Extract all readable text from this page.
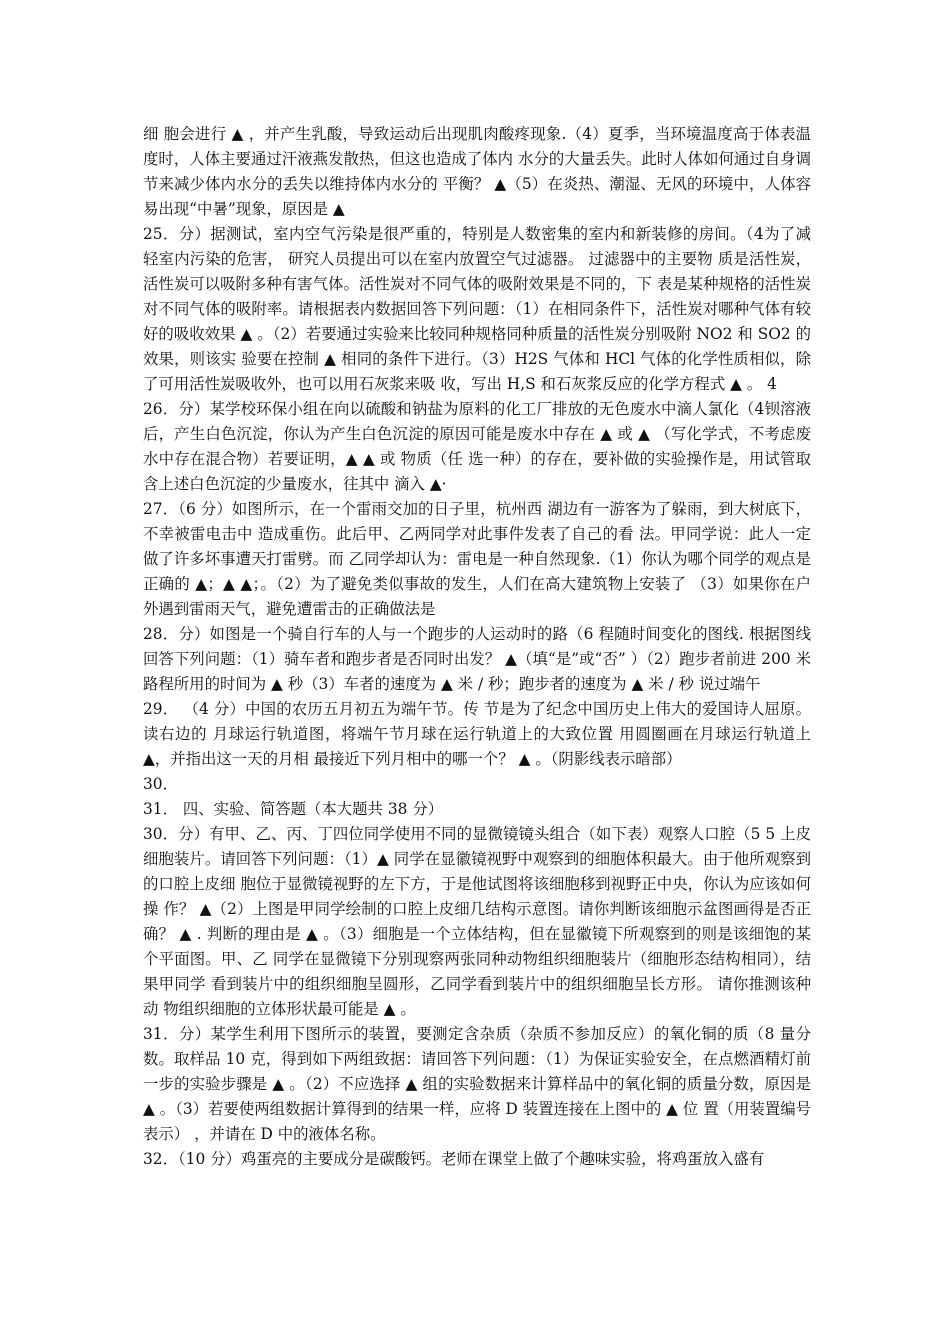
细 胞会进行 ▲ ，并产生乳酸，导致运动后出现肌肉酸疼现象.（4）夏季，当环境温度高于体表温度时，人体主要通过汗液燕发散热，但这也造成了体内 水分的大量丢失。此时人体如何通过自身调节来减少体内水分的丢失以维持体内水分的 平衡？ ▲（5）在炎热、潮湿、无风的环境中，人体容易出现“中暑”现象，原因是 ▲

25．分）据测试，室内空气污染是很严重的，特别是人数密集的室内和新装修的房间。（4为了减轻室内污染的危害， 研究人员提出可以在室内放置空气过滤器。 过滤器中的主要物 质是活性炭，活性炭可以吸附多种有害气体。活性炭对不同气体的吸附效果是不同的，下 表是某种规格的活性炭对不同气体的吸附率。请根据表内数据回答下列问题：（1）在相同条件下，活性炭对哪种气体有较好的吸收效果 ▲ 。（2）若要通过实验来比较同种规格同种质量的活性炭分别吸附 NO2 和 SO2 的效果，则该实 验要在控制 ▲ 相同的条件下进行。（3）H2S 气体和 HCl 气体的化学性质相似，除了可用活性炭吸收外，也可以用石灰浆来吸 收，写出 H,S 和石灰浆反应的化学方程式 ▲ 。 4

26．分）某学校环保小组在向以硫酸和钠盐为原料的化工厂排放的无色废水中滴人氯化（4钡溶液后，产生白色沉淀，你认为产生白色沉淀的原因可能是废水中存在 ▲ 或 ▲ （写化学式，不考虑废水中存在混合物）若要证明，▲ ▲ 或 物质（任 选一种）的存在，要补做的实验操作是，用试管取含上述白色沉淀的少量废水，往其中 滴入 ▲·

27．（6 分）如图所示，在一个雷雨交加的日子里，杭州西 湖边有一游客为了躲雨，到大树底下，不幸被雷电击中 造成重伤。此后甲、乙两同学对此事件发表了自己的看 法。甲同学说：此人一定做了许多坏事遭天打雷劈。而 乙同学却认为：雷电是一种自然现象.（1）你认为哪个同学的观点是正确的 ▲；▲ ▲；。（2）为了避免类似事故的发生，人们在高大建筑物上安装了 （3）如果你在户外遇到雷雨天气，避免遭雷击的正确做法是

28．分）如图是一个骑自行车的人与一个跑步的人运动时的路（6 程随时间变化的图线. 根据图线回答下列问题：（1）骑车者和跑步者是否同时出发？ ▲（填“是”或“否” ）（2）跑步者前进 200 米路程所用的时间为 ▲ 秒（3）车者的速度为 ▲ 米 / 秒；跑步者的速度为 ▲ 米 / 秒 说过端午

29． （4 分）中国的农历五月初五为端午节。传 节是为了纪念中国历史上伟大的爱国诗人屈原。读右边的 月球运行轨道图，将端午节月球在运行轨道上的大致位置 用圆圈画在月球运行轨道上 ▲，并指出这一天的月相 最接近下列月相中的哪一个？ ▲ 。（阴影线表示暗部）

30．

31． 四、实验、简答题（本大题共 38 分）

30．分）有甲、乙、丙、丁四位同学使用不同的显微镜镜头组合（如下表）观察人口腔（5 5 上皮细胞装片。请回答下列问题：（1）▲ 同学在显徽镜视野中观察到的细胞体积最大。由于他所观察到的口腔上皮细 胞位于显微镜视野的左下方，于是他试图将该细胞移到视野正中央，你认为应该如何操 作？ ▲（2）上图是甲同学绘制的口腔上皮细几结构示意图。请你判断该细胞示盆图画得是否正 确？ ▲ . 判断的理由是 ▲ 。（3）细胞是一个立体结构，但在显徽镜下所观察到的则是该细饱的某个平面图。甲、乙 同学在显微镜下分别现察两张同种动物组织细胞装片（细胞形态结构相同），结果甲同学 看到装片中的组织细胞呈圆形，乙同学看到装片中的组织细胞呈长方形。 请你推测该种动 物组织细胞的立体形状最可能是 ▲ 。

31．分）某学生利用下图所示的装置，要测定含杂质（杂质不参加反应）的氧化铜的质（8 量分数。取样品 10 克，得到如下两组致据：请回答下列问题：（1）为保证实验安全，在点燃酒精灯前一步的实验步骤是 ▲ 。（2）不应选择 ▲ 组的实验数据来计算样品中的氧化铜的质量分数，原因是 ▲ 。（3）若要使两组数据计算得到的结果一样，应将 D 装置连接在上图中的 ▲ 位 置（用装置编号表示） ，并请在 D 中的液体名称。

32．（10 分）鸡蛋亮的主要成分是碳酸钙。老师在课堂上做了个趣味实验，将鸡蛋放入盛有
